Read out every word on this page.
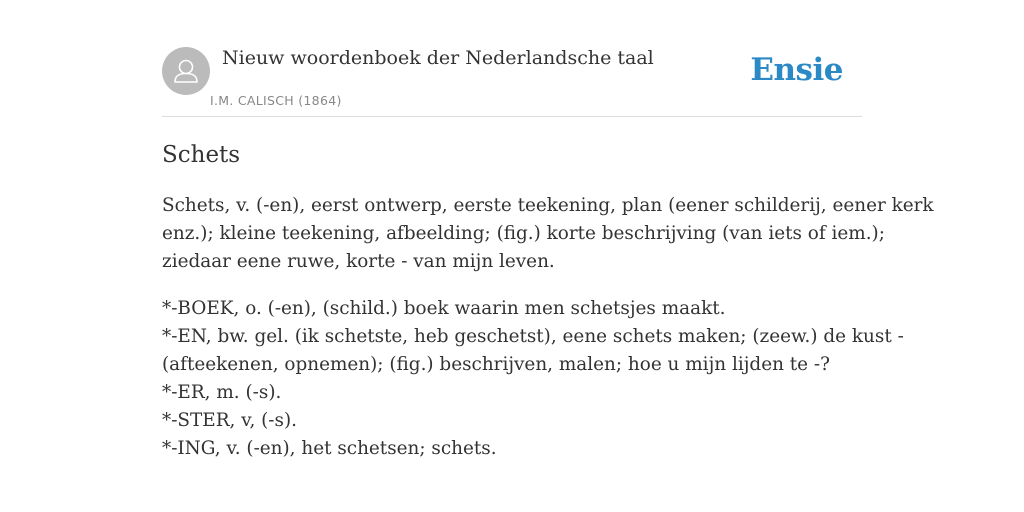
Nieuw woordenboek der Nederlandsche taal
I.M. CALISCH (1864)
Ensie
Schets

Schets, v. (-en), eerst ontwerp, eerste teekening, plan (eener schilderij, eener kerk
enz.); kleine teekening, afbeelding; (fig.) korte beschrijving (van iets of iem.);
ziedaar eene ruwe, korte - van mijn leven.

*-BOEK, o. (-en), (schild.) boek waarin men schetsjes maakt.
*-EN, bw. gel. (ik schetste, heb geschetst), eene schets maken; (zeew.) de kust -
(afteekenen, opnemen); (fig.) beschrijven, malen; hoe u mijn lijden te -?
*-ER, m. (-s).
*-STER, v, (-s).
*-ING, v. (-en), het schetsen; schets.
